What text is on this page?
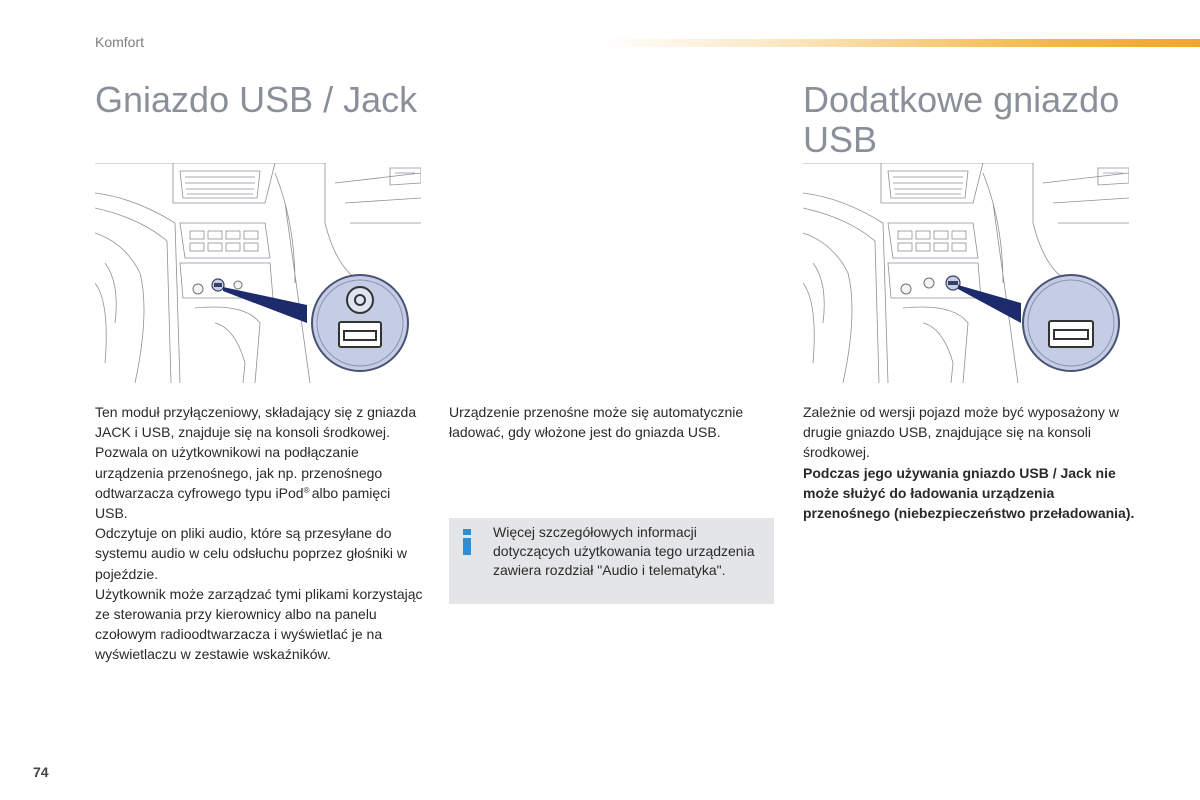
Komfort
Gniazdo USB / Jack	Dodatkowe gniazdo USB

Ten moduł przyłączeniowy, składający się z gniazda JACK i USB, znajduje się na konsoli środkowej.

Pozwala on użytkownikowi na podłączanie urządzenia przenośnego, jak np. przenośnego odtwarzacza cyfrowego typu iPod® albo pamięci USB.

Odczytuje on pliki audio, które są przesyłane do systemu audio w celu odsłuchu poprzez głośniki w pojeździe.

Użytkownik może zarządzać tymi plikami korzystając ze sterowania przy kierownicy albo na panelu czołowym radioodtwarzacza i wyświetlać je na wyświetlaczu w zestawie wskaźników.

Urządzenie przenośne może się automatycznie ładować, gdy włożone jest do gniazda USB.

Więcej szczegółowych informacji dotyczących użytkowania tego urządzenia zawiera rozdział "Audio i telematyka".

Zależnie od wersji pojazd może być wyposażony w drugie gniazdo USB, znajdujące się na konsoli środkowej.

Podczas jego używania gniazdo USB / Jack nie może służyć do ładowania urządzenia przenośnego (niebezpieczeństwo przeładowania).

74
